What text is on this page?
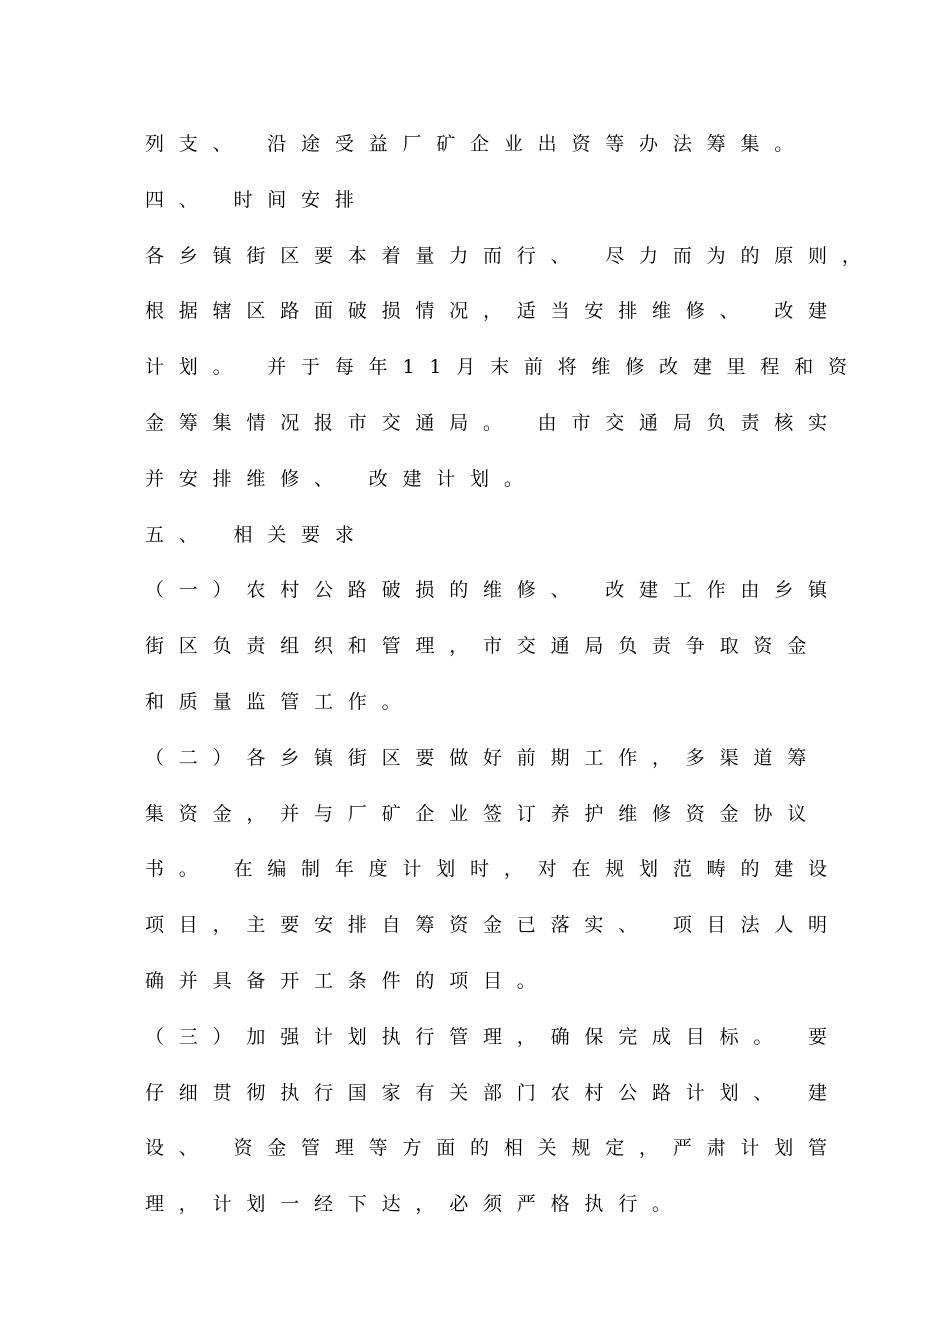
列支、 沿途受益厂矿企业出资等办法筹集。
四、 时间安排
各乡镇街区要本着量力而行、 尽力而为的原则，
根据辖区路面破损情况，适当安排维修、 改建
计划。 并于每年11月末前将维修改建里程和资
金筹集情况报市交通局。 由市交通局负责核实
并安排维修、 改建计划。
五、 相关要求
（一）农村公路破损的维修、 改建工作由乡镇
街区负责组织和管理，市交通局负责争取资金
和质量监管工作。
（二）各乡镇街区要做好前期工作，多渠道筹
集资金，并与厂矿企业签订养护维修资金协议
书。 在编制年度计划时，对在规划范畴的建设
项目，主要安排自筹资金已落实、 项目法人明
确并具备开工条件的项目。
（三）加强计划执行管理，确保完成目标。 要
仔细贯彻执行国家有关部门农村公路计划、 建
设、 资金管理等方面的相关规定，严肃计划管
理，计划一经下达，必须严格执行。
